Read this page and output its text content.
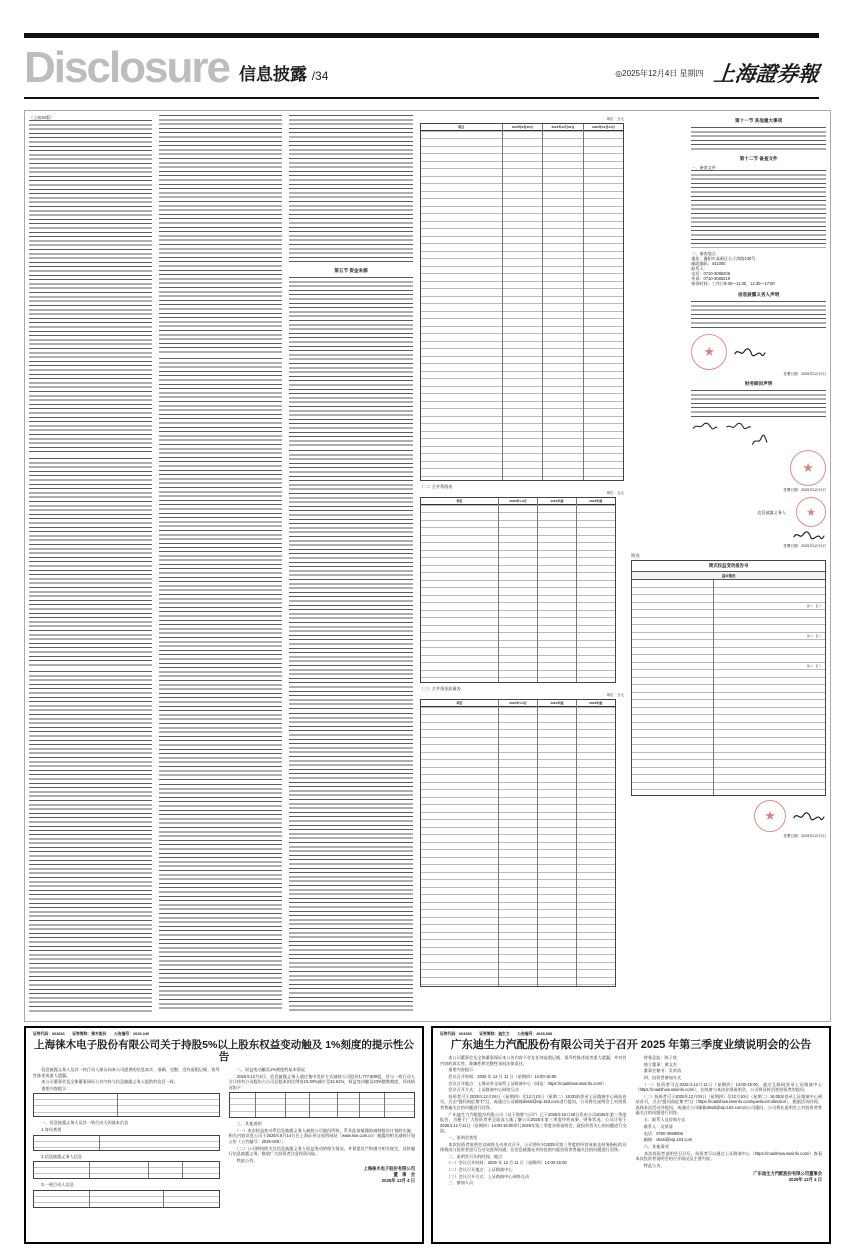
Disclosure 信息披露 /34	◎2025年12月4日 星期四 上海證券報
（上接33版）
第五节 资金来源
单位：万元
项目	2025年9月30日	2024年12月31日	2023年12月31日
（二）合并利润表
单位：万元
项目	2025年1-9月	2024年度	2023年度
（三）合并现金流量表
单位：万元
项目	2025年1-9月	2024年度	2023年度
第十一节 其他重大事项
第十二节 备查文件
一、备查文件
二、备查地点
地址：襄阳市高新区台子湾路130号
邮政编码：441000
联系人：
电话：0710-3086206
传真：0710-3086219
接待时间：工作日9:30—11:30，14:30—17:00
信息披露义务人声明
★
签署日期：2025年12月3日
财务顾问声明
★
签署日期：2025年12月3日
信息披露义务人：	★
签署日期：2025年12月3日
附表
简式权益变动报告书
基本情况
是 □　否 √
是 □　否 √
是 □　否 √
★
签署日期：2025年12月3日
证券代码：603633　　证券简称：徕木股份　　公告编号：2025-049
上海徕木电子股份有限公司关于持股5%以上股东权益变动触及 1%刻度的提示性公告
　　信息披露义务人及其一致行动人保证向本公司提供的信息真实、准确、完整，没有虚假记载、误导性陈述或重大遗漏。
　　本公司董事会及全体董事保证公告内容与信息披露义务人提供的信息一致。
　　重要内容提示：
　　一、信息披露义务人及其一致行动人的基本信息
　　1.身份类别
　　2.信息披露义务人信息
　　3.一致行动人信息
　　二、权益变动触及1%刻度的基本情况
　　2025年12月3日，信息披露义务人通过集中竞价方式减持公司股份1,777,800股，其与一致行动人合计持有公司股份占公司总股本的比例由23.30%减少至22.61%，权益变动触及23%整数刻度，具体情况如下：
　　三、其他说明
　　（一）本次权益变动系信息披露义务人减持公司股份所致，系其此前披露的减持股份计划的实施，相关内容详见公司于2025年8月14日在上海证券交易所网站（www.sse.com.cn）披露的相关减持计划公告（公告编号：2025-029）；
　　（二）公司将持续关注信息披露义务人权益变动的相关情况，并督促其严格遵守相关规定，及时履行信息披露义务，敬请广大投资者注意投资风险。
　　特此公告。
上海徕木电子股份有限公司
董　事　会
2025年 12月 4 日
证券代码：603335　　证券简称：迪生力　　公告编号：2025-088
广东迪生力汽配股份有限公司关于召开 2025 年第三季度业绩说明会的公告
　　本公司董事会及全体董事保证本公告内容不存在任何虚假记载、误导性陈述或者重大遗漏，并对其内容的真实性、准确性和完整性承担法律责任。
　　重要内容提示：
　　会议召开时间：2025 年 12 月 11 日（星期四）14:00-15:00
　　会议召开地点：上海证券交易所上证路演中心（网址：https://roadshow.sseinfo.com/）
　　会议召开方式：上证路演中心网络互动
　　投资者可于2025年12月04日（星期四）至12月10日（星期二）16:00前登录上证路演中心网站首页，点击“提问预征集”栏目，或通过公司邮箱dsssl@vip.163.com进行提问，公司将在说明会上对投资者普遍关注的问题进行回答。
　　广东迪生力汽配股份有限公司（以下简称“公司”）已于2025年10月28日发布公司2025年第三季度报告，为便于广大投资者更全面深入地了解公司2025年第三季度经营成果、财务状况，公司计划于2025年12月11日（星期四）14:00-15:00举行2025年第三季度业绩说明会，就投资者关心的问题进行交流。
　　一、说明会类型
　　本次投资者说明会以网络互动形式召开，公司将针对2025年第三季度的经营成果及财务指标的具体情况与投资者进行互动交流和沟通，在信息披露允许的范围内就投资者普遍关注的问题进行回答。
　　二、说明会召开的时间、地点
　　（一）会议召开时间：2025 年 12 月 11 日（星期四）14:00-15:00
　　（二）会议召开地点：上证路演中心
　　（三）会议召开方式：上证路演中心网络互动
　　三、参加人员
　　财务总监：陈子欣
　　独立董事：黄文杰
　　董事会秘书：吴荣清
　　四、投资者参加方式
　　（一）投资者可在2025年12月11日（星期四）14:00-15:00，通过互联网登录上证路演中心（https://roadshow.sseinfo.com/），在线参与本次业绩说明会，公司将及时回答投资者的提问。
　　（二）投资者可于2025年12月04日（星期四）至12月10日（星期二）16:00前登录上证路演中心网站首页，点击“提问预征集”栏目（https://roadshow.sseinfo.com/questionCollection），根据活动时间，选择本次活动并提问，或通过公司邮箱dsssl@vip.163.com向公司提问，公司将在说明会上对投资者普遍关注的问题进行回答。
　　五、联系人及咨询方式
　　联系人：吴荣清
　　电话：0750-3699006
　　邮箱：dsssl@vip.163.com
　　六、其他事项
　　本次投资者说明会召开后，投资者可以通过上证路演中心（https://roadshow.sseinfo.com/）查看本次投资者说明会的召开情况及主要内容。
　　特此公告。
广东迪生力汽配股份有限公司董事会
2025年 12月 4 日
